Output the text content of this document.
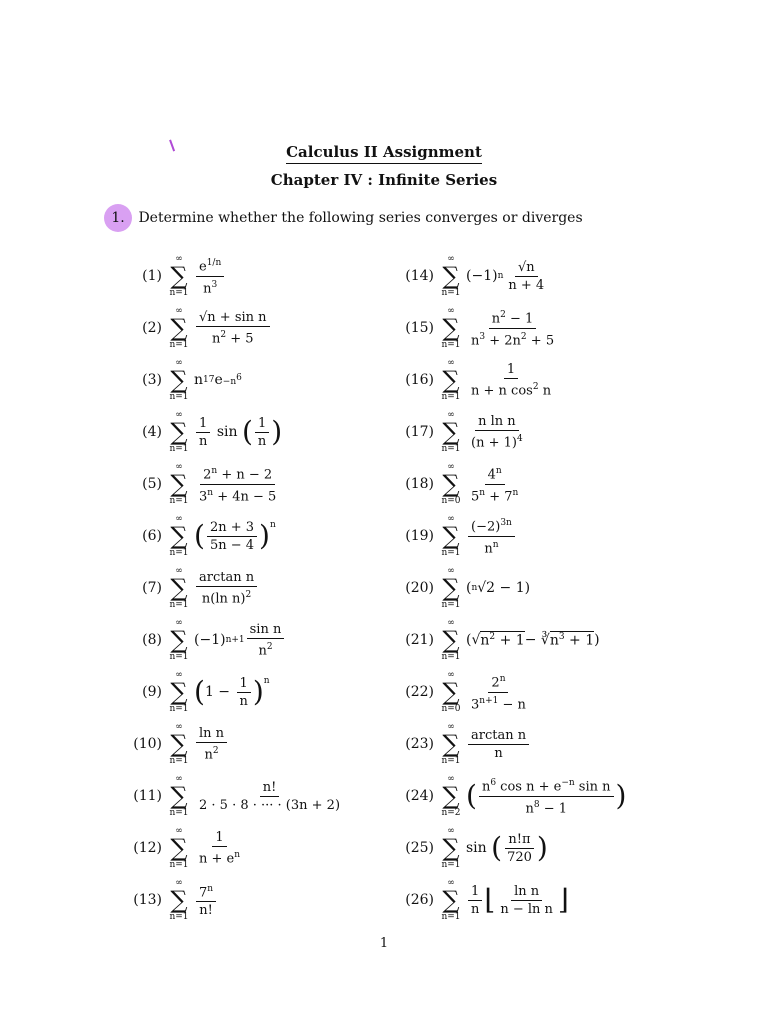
Calculus II Assignment
Chapter IV : Infinite Series
1. Determine whether the following series converges or diverges
(1)
∞
∑
$n=1 \frac{e^{1/n}}{n^3}$
(2)
∞
∑
$n=1 \frac{\text{√n + sin n}}{n^2 + 5}$
(3)
∞
∑
n=1
n 17 $e -n^6$
(4)
∞
∑
$n=1 \frac{1}{n}$ sin ( $\frac{1}{n}$ )
(5)
∞
∑
$n=1 \frac{2^n + n - 2}{3^n + 4n - 5}$
(6)
∞
∑
n=1
( $\frac{2n + 3}{5n - 4} )^n$
(7)
∞
∑
$n=1 \frac{\text{arctan n}}{n(\ln n)^2}$
(8)
∞
∑
n=1
(−1) $n+1 \frac{\text{sin n}}{n^2}$
(9)
∞
∑
n=1
( $1 - \frac{1}{n} )^n$
(10)
∞
∑
$n=1 \frac{\text{ln n}}{n^2}$
(11)
∞
∑
$n=1 \frac{n!}{2 \cdot 5 \cdot 8 \cdot \cdot\cdot\cdot \cdot (3n + 2)}$
(12)
∞
∑
$n=1 \frac{1}{n + e^n}$
(13)
∞
∑
$n=1 \frac{7^n}{n!}$
(14)
∞
∑
n=1
(−1) n $\frac{√n}{n + 4}$
(15)
∞
∑
$n=1 \frac{n^2 - 1}{n^3 + 2n^2 + 5}$
(16)
∞
∑
$n=1 \frac{1}{n + n \cos^2 n}$
(17)
∞
∑
$n=1 \frac{\text{n ln n}}{(n + 1)^4}$
(18)
∞
∑
$n=0 \frac{4^n}{5^n + 7^n}$
(19)
∞
∑
$n=1 \frac{(-2)^{3n}}{n^n}$
(20)
∞
∑
n=1
( n √2 − 1)
(21)
∞
∑
n=1
(√ $n^2 + 1$ − ∛ $n^3 + 1$ )
(22)
∞
∑
$n=0 \frac{2^n}{3^{n+1} - n}$
(23)
∞
∑
$n=1 \frac{\text{arctan n}}{n}$
(24)
∞
∑
n=2
( $\frac{n^6 \cos n + e^{-n} \sin n}{n^8 - 1}$ )
(25)
∞
∑
n=1
sin ( $\frac{n!\pi}{720}$ )
(26)
∞
∑
$n=1 \frac{1}{n}$ ⌊ $\frac{\text{ln n}}{\text{n − ln n}}$ ⌋
1
